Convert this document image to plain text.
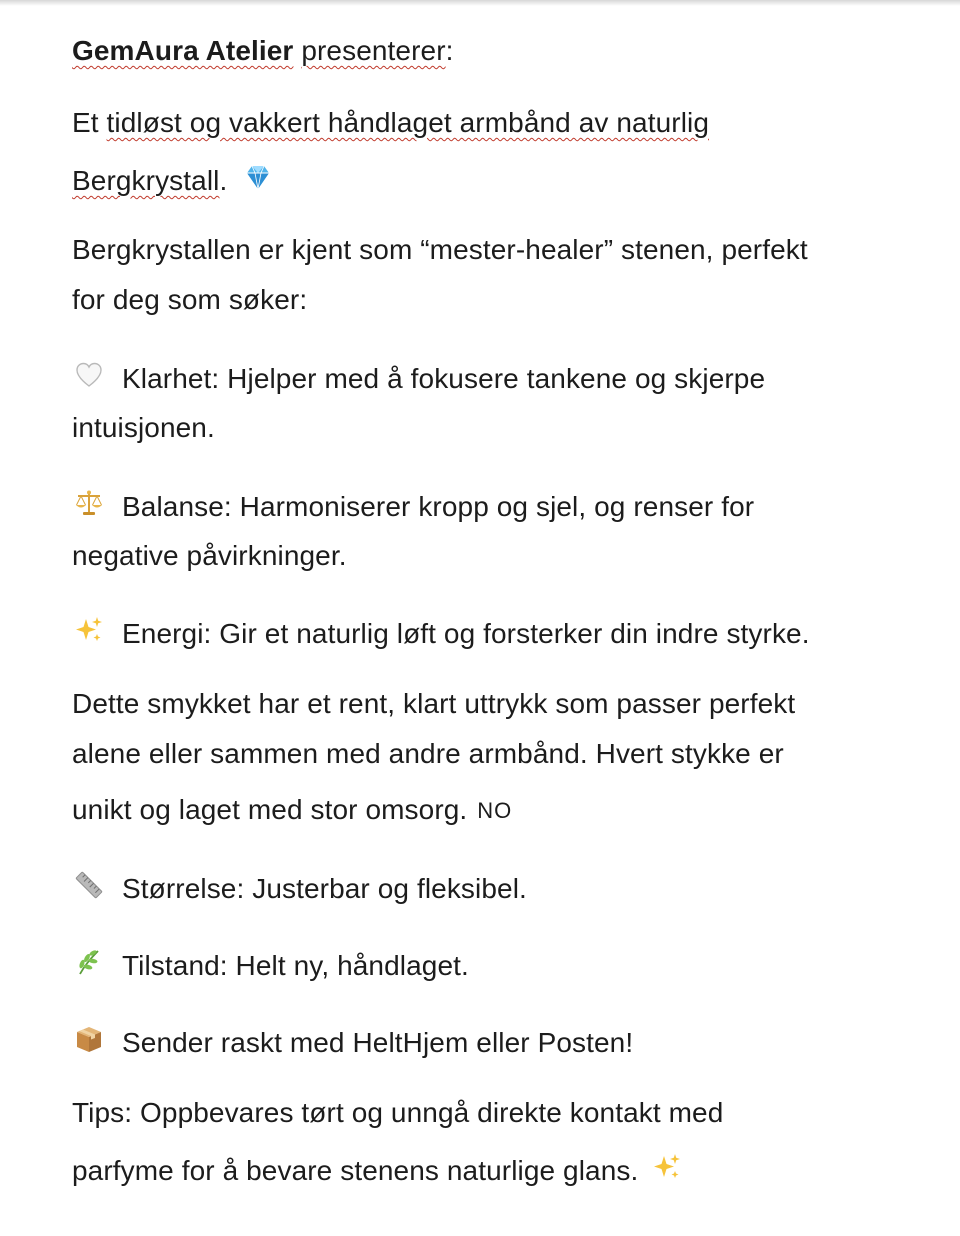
GemAura Atelier presenterer:
Et tidløst og vakkert håndlaget armbånd av naturlig
Bergkrystall.
Bergkrystallen er kjent som “mester-healer” stenen, perfekt
for deg som søker:
Klarhet: Hjelper med å fokusere tankene og skjerpe
intuisjonen.
Balanse: Harmoniserer kropp og sjel, og renser for
negative påvirkninger.
Energi: Gir et naturlig løft og forsterker din indre styrke.
Dette smykket har et rent, klart uttrykk som passer perfekt
alene eller sammen med andre armbånd. Hvert stykke er
unikt og laget med stor omsorg. NO
Størrelse: Justerbar og fleksibel.
Tilstand: Helt ny, håndlaget.
Sender raskt med HeltHjem eller Posten!
Tips: Oppbevares tørt og unngå direkte kontakt med
parfyme for å bevare stenens naturlige glans.
